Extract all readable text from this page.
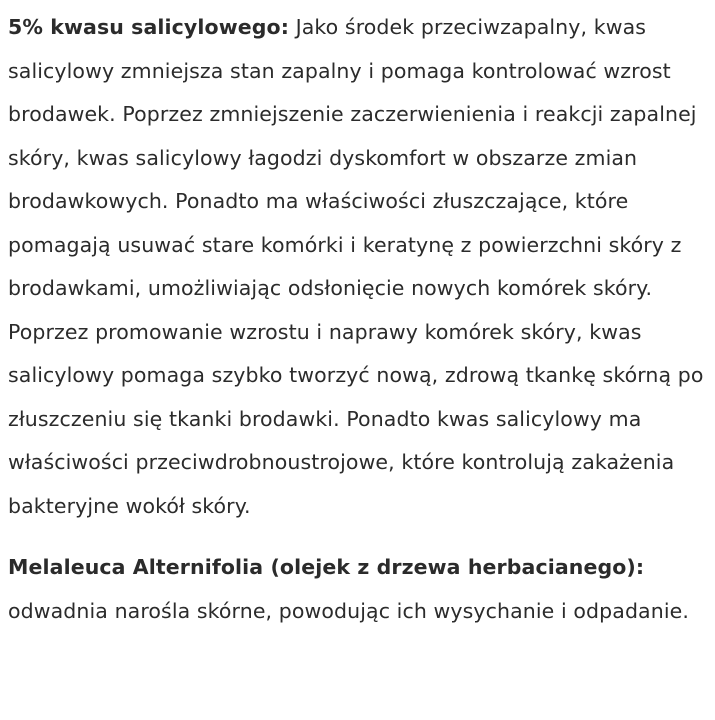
5% kwasu salicylowego: Jako środek przeciwzapalny, kwas salicylowy zmniejsza stan zapalny i pomaga kontrolować wzrost brodawek. Poprzez zmniejszenie zaczerwienienia i reakcji zapalnej skóry, kwas salicylowy łagodzi dyskomfort w obszarze zmian brodawkowych. Ponadto ma właściwości złuszczające, które pomagają usuwać stare komórki i keratynę z powierzchni skóry z brodawkami, umożliwiając odsłonięcie nowych komórek skóry. Poprzez promowanie wzrostu i naprawy komórek skóry, kwas salicylowy pomaga szybko tworzyć nową, zdrową tkankę skórną po złuszczeniu się tkanki brodawki. Ponadto kwas salicylowy ma właściwości przeciwdrobnoustrojowe, które kontrolują zakażenia bakteryjne wokół skóry.

Melaleuca Alternifolia (olejek z drzewa herbacianego): odwadnia narośla skórne, powodując ich wysychanie i odpadanie.
